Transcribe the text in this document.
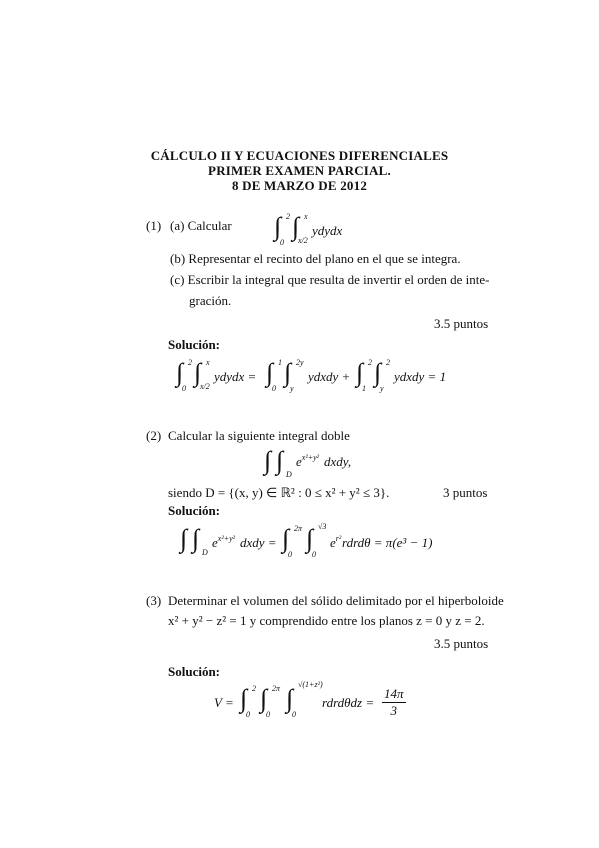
CÁLCULO II Y ECUACIONES DIFERENCIALES
PRIMER EXAMEN PARCIAL.
8 DE MARZO DE 2012
(1) (a) Calcular ∫ 2
0
∫ x
x/2
ydydx
(b) Representar el recinto del plano en el que se integra.
(c) Escribir la integral que resulta de invertir el orden de inte-
gración.
3.5 puntos
Solución:
∫ 2
0
∫ x
x/2
ydydx = ∫ 1
0
∫ 2y
y
ydxdy + ∫ 2
1
∫ 2
y
ydxdy = 1
(2) Calcular la siguiente integral doble
∫ ∫ D
$e^{x^2+y^2}$ dxdy,
siendo D = {(x, y) ∈ ℝ² : 0 ≤ x² + y² ≤ 3}.	3 puntos
Solución:
∫ ∫ D
$e^{x^2+y^2}$ dxdy = ∫ 2π
0
∫ √3
0
$e^{r^2}$ rdrdθ = π(e³ − 1)
(3) Determinar el volumen del sólido delimitado por el hiperboloide
x² + y² − z² = 1 y comprendido entre los planos z = 0 y z = 2.
3.5 puntos
Solución:
V = ∫ 2
0
∫ 2π
0
∫ √(1+z²)
0
rdrdθdz = $\frac{14\pi}{3}$
